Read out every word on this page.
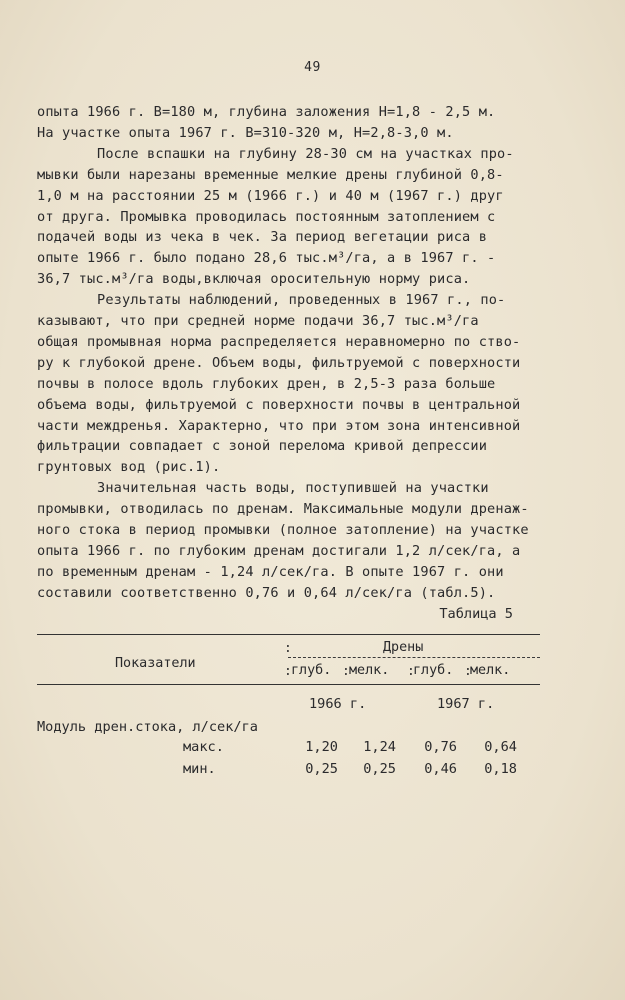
49
опыта 1966 г. В=180 м, глубина заложения Н=1,8 - 2,5 м.
На участке опыта 1967 г. В=310-320 м, Н=2,8-3,0 м.
После вспашки на глубину 28-30 см на участках про-
мывки были нарезаны временные мелкие дрены глубиной 0,8-
1,0 м на расстоянии 25 м (1966 г.) и 40 м (1967 г.) друг
от друга. Промывка проводилась постоянным затоплением с
подачей воды из чека в чек. За период вегетации риса в
опыте 1966 г. было подано 28,6 тыс.м³/га, а в 1967 г. -
36,7 тыс.м³/га воды,включая оросительную норму риса.
Результаты наблюдений, проведенных в 1967 г., по-
казывают, что при средней норме подачи 36,7 тыс.м³/га
общая промывная норма распределяется неравномерно по ство-
ру к глубокой дрене. Объем воды, фильтруемой с поверхности
почвы в полосе вдоль глубоких дрен, в 2,5-3 раза больше
объема воды, фильтруемой с поверхности почвы в центральной
части междренья. Характерно, что при этом зона интенсивной
фильтрации совпадает с зоной перелома кривой депрессии
грунтовых вод (рис.1).
Значительная часть воды, поступившей на участки
промывки, отводилась по дренам. Максимальные модули дренаж-
ного стока в период промывки (полное затопление) на участке
опыта 1966 г. по глубоким дренам достигали 1,2 л/сек/га, а
по временным дренам - 1,24 л/сек/га. В опыте 1967 г. они
составили соответственно 0,76 и 0,64 л/сек/га (табл.5).
Таблица 5
Показатели
Дрены
:
:	:	:	:
глуб. мелк. глуб. мелк.
1966 г.	1967 г.
Модуль дрен.стока, л/сек/га
макс.	1,20	1,24	0,76	0,64
мин.	0,25	0,25	0,46	0,18
